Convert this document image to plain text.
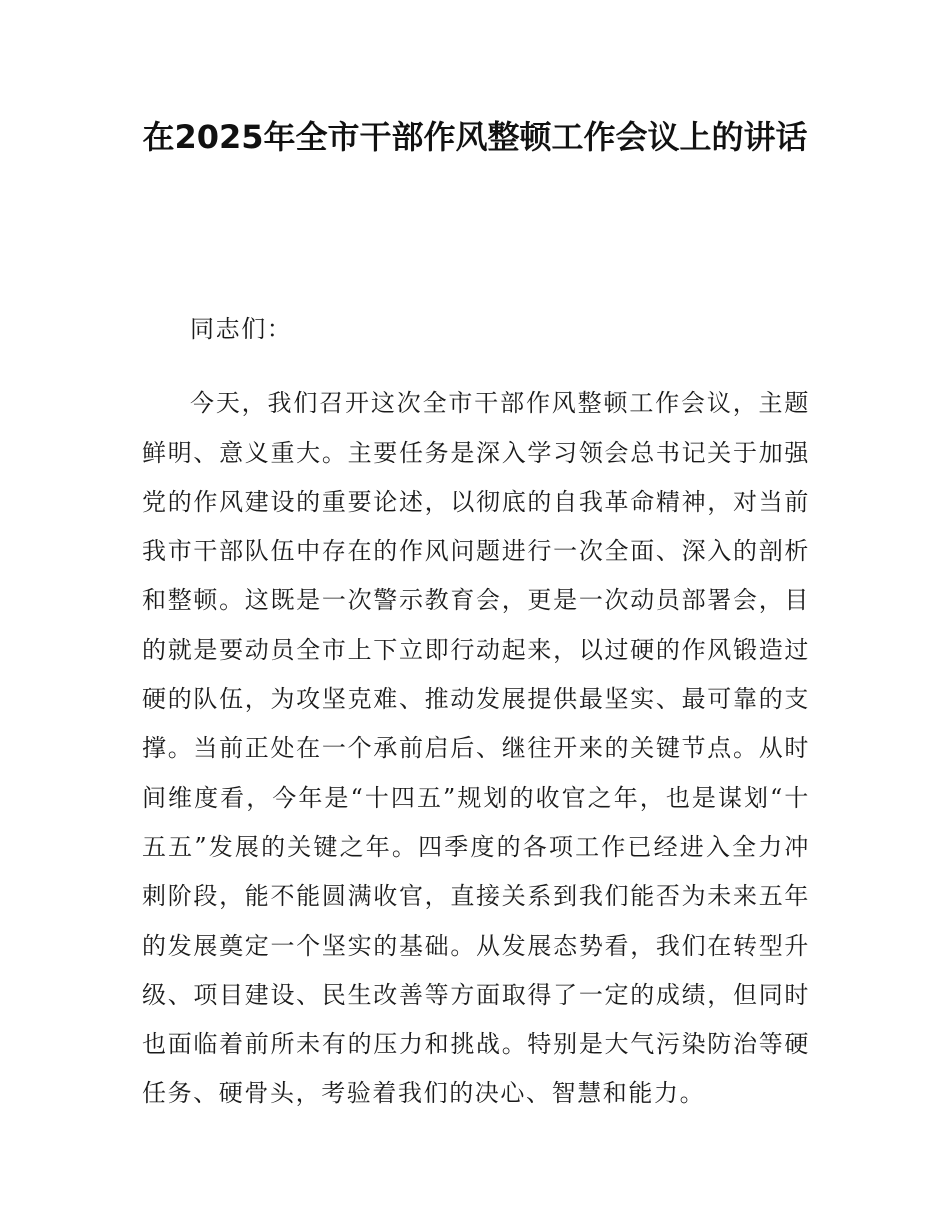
在2025年全市干部作风整顿工作会议上的讲话

同志们：

今天，我们召开这次全市干部作风整顿工作会议，主题鲜明、意义重大。主要任务是深入学习领会总书记关于加强党的作风建设的重要论述，以彻底的自我革命精神，对当前我市干部队伍中存在的作风问题进行一次全面、深入的剖析和整顿。这既是一次警示教育会，更是一次动员部署会，目的就是要动员全市上下立即行动起来，以过硬的作风锻造过硬的队伍，为攻坚克难、推动发展提供最坚实、最可靠的支撑。当前正处在一个承前启后、继往开来的关键节点。从时间维度看，今年是“十四五”规划的收官之年，也是谋划“十五五”发展的关键之年。四季度的各项工作已经进入全力冲刺阶段，能不能圆满收官，直接关系到我们能否为未来五年的发展奠定一个坚实的基础。从发展态势看，我们在转型升级、项目建设、民生改善等方面取得了一定的成绩，但同时也面临着前所未有的压力和挑战。特别是大气污染防治等硬任务、硬骨头，考验着我们的决心、智慧和能力。
